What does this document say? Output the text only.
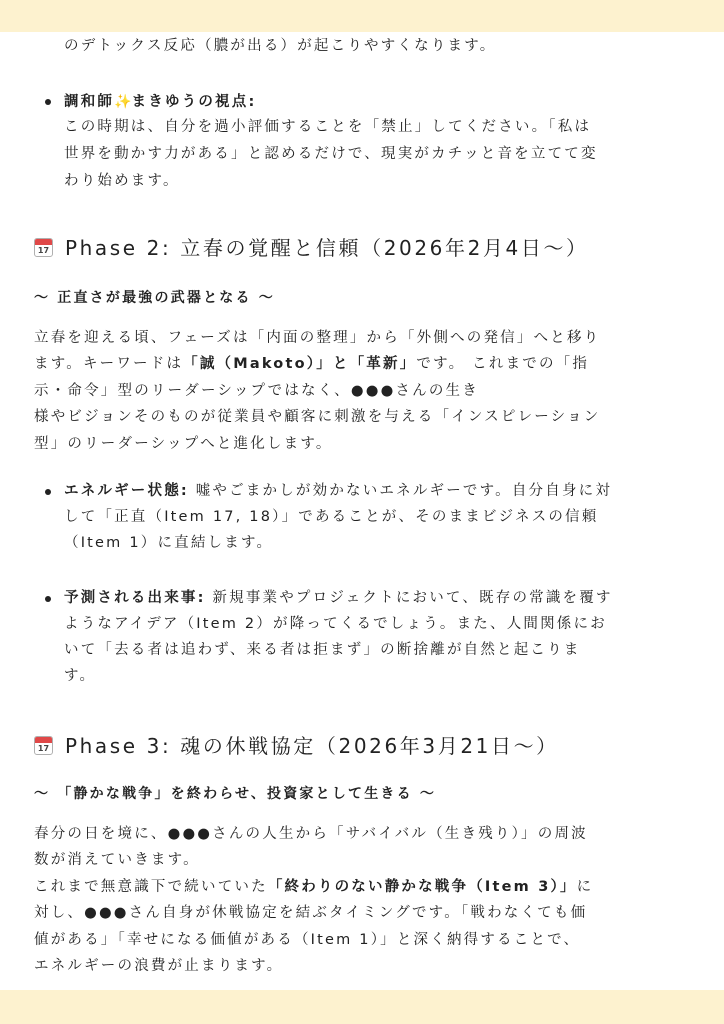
のデトックス反応（膿が出る）が起こりやすくなります。
調和師✨まきゆうの視点:
この時期は、自分を過小評価することを「禁止」してください。「私は
世界を動かす力がある」と認めるだけで、現実がカチッと音を立てて変
わり始めます。
17 Phase 2: 立春の覚醒と信頼（2026年2月4日〜）
〜 正直さが最強の武器となる 〜
立春を迎える頃、フェーズは「内面の整理」から「外側への発信」へと移り
ます。キーワードは「誠（Makoto）」と「革新」です。 これまでの「指
示・命令」型のリーダーシップではなく、●●●さんの生き
様やビジョンそのものが従業員や顧客に刺激を与える「インスピレーション
型」のリーダーシップへと進化します。
エネルギー状態: 嘘やごまかしが効かないエネルギーです。自分自身に対
して「正直（Item 17, 18）」であることが、そのままビジネスの信頼
（Item 1）に直結します。
予測される出来事: 新規事業やプロジェクトにおいて、既存の常識を覆す
ようなアイデア（Item 2）が降ってくるでしょう。また、人間関係にお
いて「去る者は追わず、来る者は拒まず」の断捨離が自然と起こりま
す。
17 Phase 3: 魂の休戦協定（2026年3月21日〜）
〜 「静かな戦争」を終わらせ、投資家として生きる 〜
春分の日を境に、●●●さんの人生から「サバイバル（生き残り）」の周波
数が消えていきます。
これまで無意識下で続いていた「終わりのない静かな戦争（Item 3）」に
対し、●●●さん自身が休戦協定を結ぶタイミングです。「戦わなくても価
値がある」「幸せになる価値がある（Item 1）」と深く納得することで、
エネルギーの浪費が止まります。
